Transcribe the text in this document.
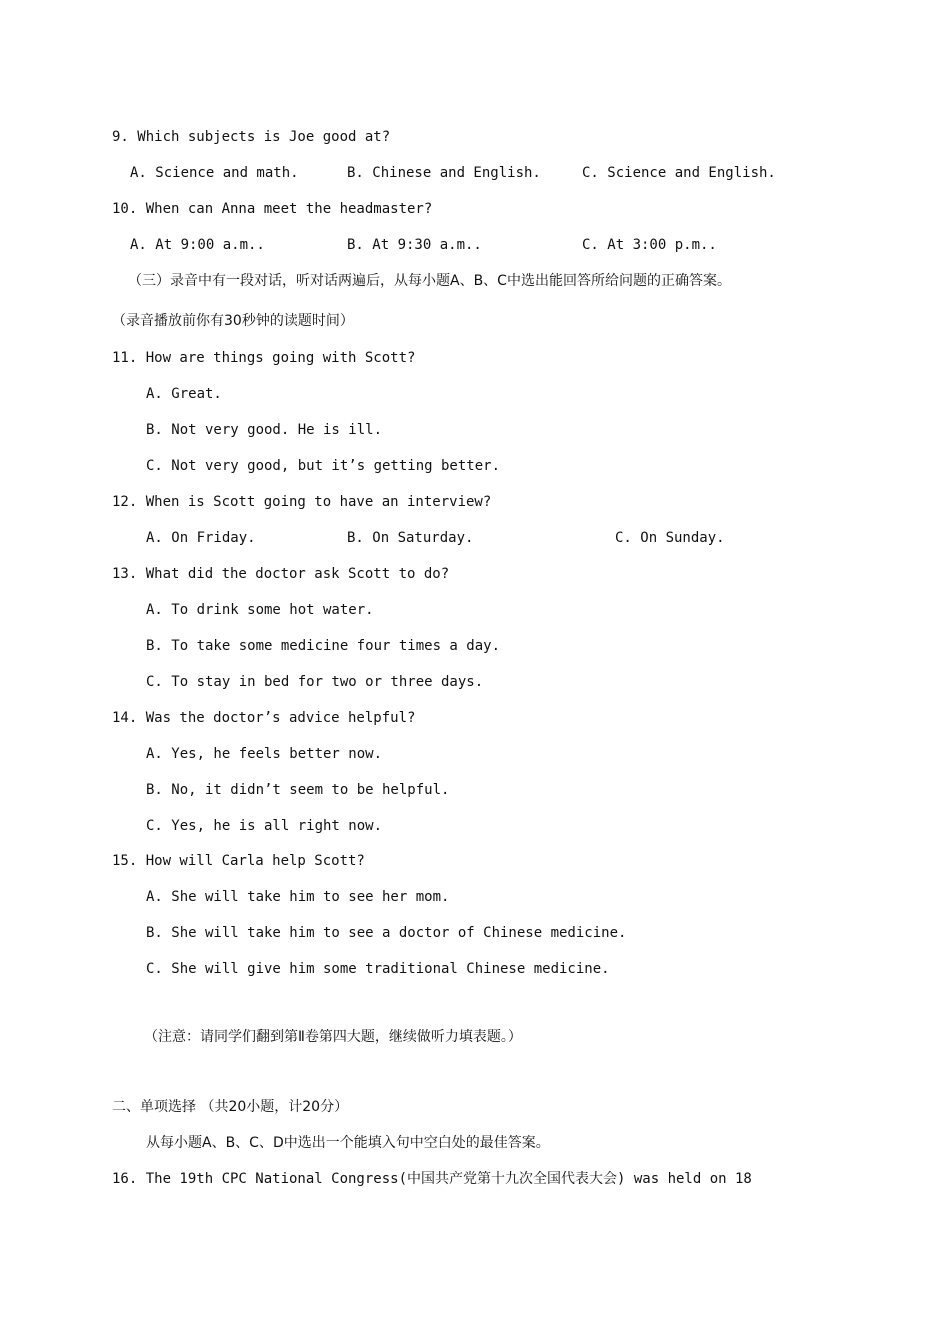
9. Which subjects is Joe good at?
A. Science and math.	B. Chinese and English.	C. Science and English.
10. When can Anna meet the headmaster?
A. At 9:00 a.m..	B. At 9:30 a.m..	C. At 3:00 p.m..
（三）录音中有一段对话，听对话两遍后，从每小题A、B、C中选出能回答所给问题的正确答案。
（录音播放前你有30秒钟的读题时间）
11. How are things going with Scott?
A. Great.
B. Not very good. He is ill.
C. Not very good, but it’s getting better.
12. When is Scott going to have an interview?
A. On Friday.	B. On Saturday.	C. On Sunday.
13. What did the doctor ask Scott to do?
A. To drink some hot water.
B. To take some medicine four times a day.
C. To stay in bed for two or three days.
14. Was the doctor’s advice helpful?
A. Yes, he feels better now.
B. No, it didn’t seem to be helpful.
C. Yes, he is all right now.
15. How will Carla help Scott?
A. She will take him to see her mom.
B. She will take him to see a doctor of Chinese medicine.
C. She will give him some traditional Chinese medicine.
（注意：请同学们翻到第Ⅱ卷第四大题，继续做听力填表题。）
二、单项选择 （共20小题，计20分）
从每小题A、B、C、D中选出一个能填入句中空白处的最佳答案。
16. The 19th CPC National Congress(中国共产党第十九次全国代表大会) was held on 18
